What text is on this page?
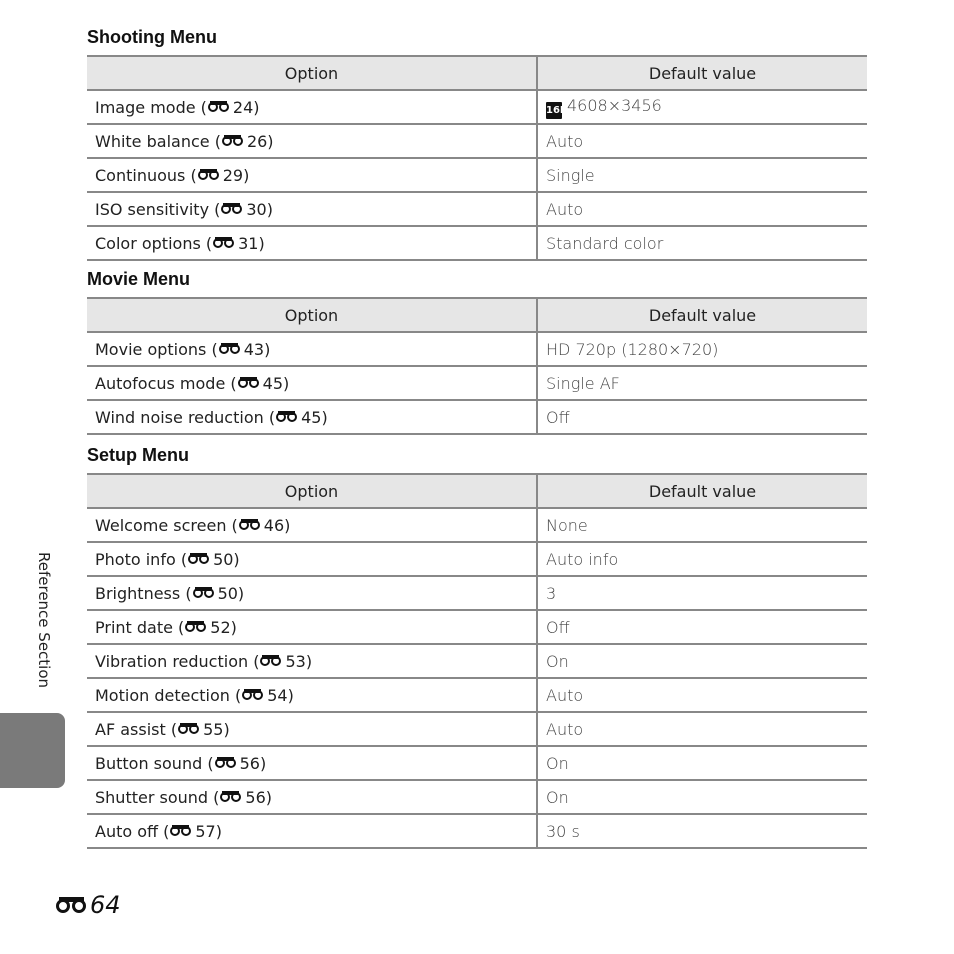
Shooting Menu
Option	Default value
Image mode ( 24)	16M4608×3456
White balance ( 26)	Auto
Continuous ( 29)	Single
ISO sensitivity ( 30)	Auto
Color options ( 31)	Standard color
Movie Menu
Option	Default value
Movie options ( 43)	HD 720p (1280×720)
Autofocus mode ( 45)	Single AF
Wind noise reduction ( 45)	Off
Setup Menu
Option	Default value
Welcome screen ( 46)	None
Photo info ( 50)	Auto info
Brightness ( 50)	3
Print date ( 52)	Off
Vibration reduction ( 53)	On
Motion detection ( 54)	Auto
AF assist ( 55)	Auto
Button sound ( 56)	On
Shutter sound ( 56)	On
Auto off ( 57)	30 s
Reference Section
64
